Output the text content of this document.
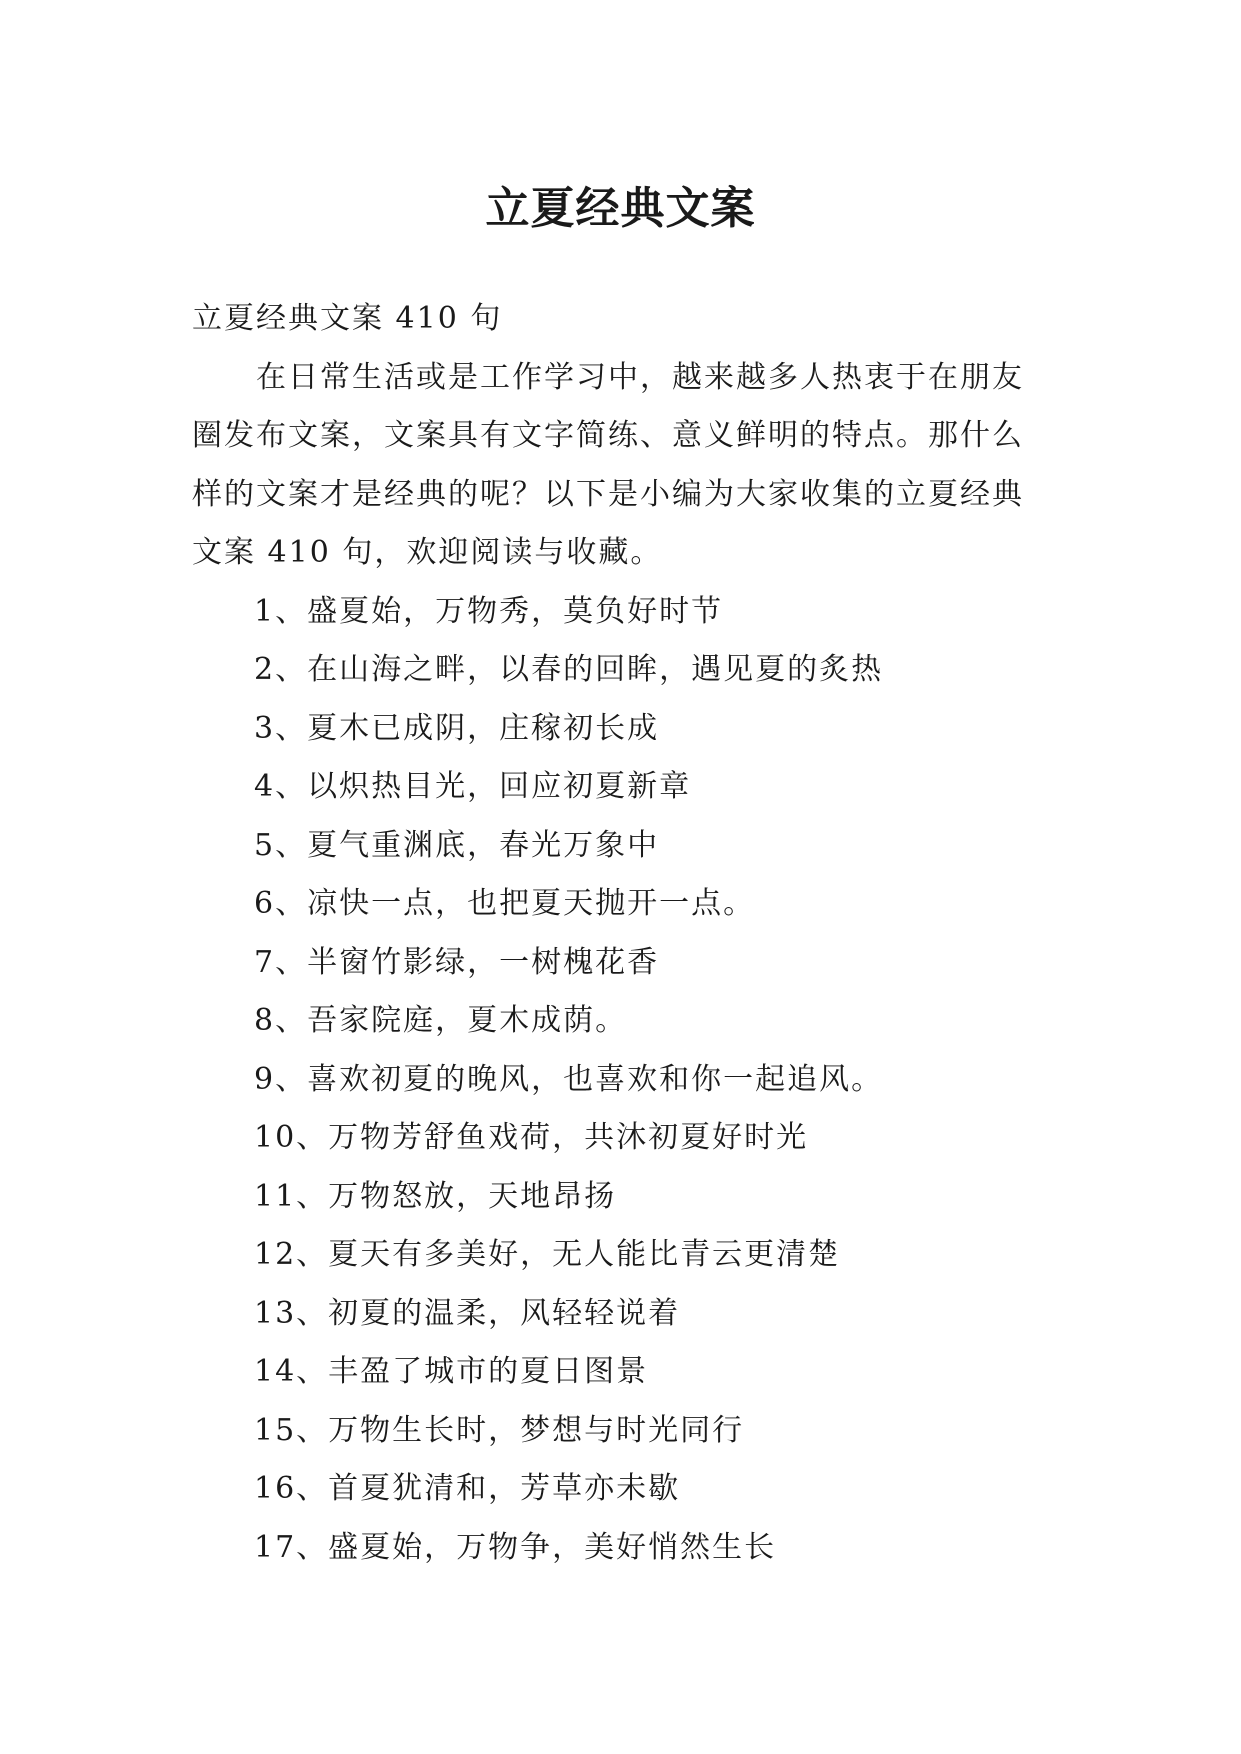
立夏经典文案

立夏经典文案 410 句

在日常生活或是工作学习中，越来越多人热衷于在朋友圈发布文案，文案具有文字简练、意义鲜明的特点。那什么样的文案才是经典的呢？以下是小编为大家收集的立夏经典文案 410 句，欢迎阅读与收藏。

1、盛夏始，万物秀，莫负好时节
2、在山海之畔，以春的回眸，遇见夏的炙热
3、夏木已成阴，庄稼初长成
4、以炽热目光，回应初夏新章
5、夏气重渊底，春光万象中
6、凉快一点，也把夏天抛开一点。
7、半窗竹影绿，一树槐花香
8、吾家院庭，夏木成荫。
9、喜欢初夏的晚风，也喜欢和你一起追风。
10、万物芳舒鱼戏荷，共沐初夏好时光
11、万物怒放，天地昂扬
12、夏天有多美好，无人能比青云更清楚
13、初夏的温柔，风轻轻说着
14、丰盈了城市的夏日图景
15、万物生长时，梦想与时光同行
16、首夏犹清和，芳草亦未歇
17、盛夏始，万物争，美好悄然生长
